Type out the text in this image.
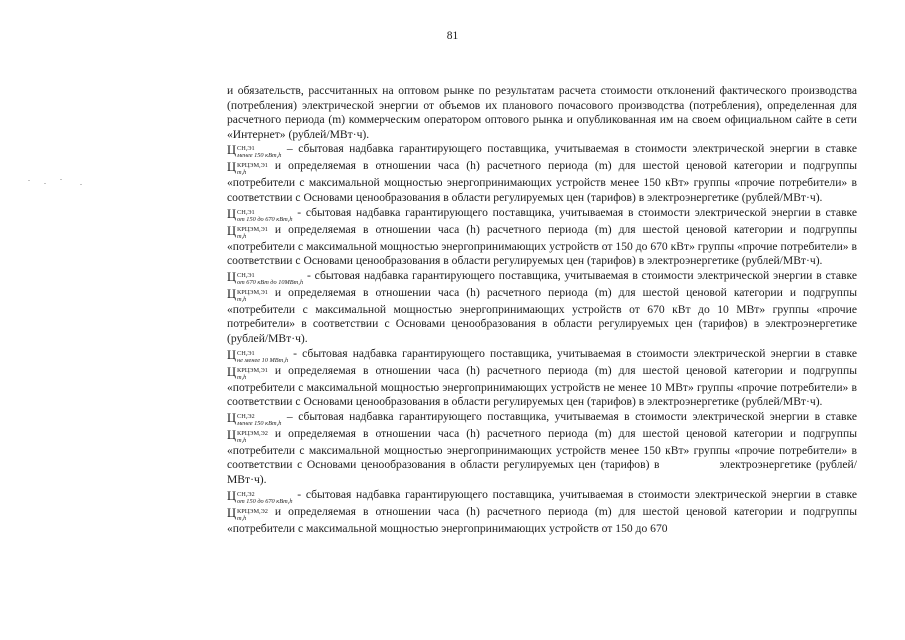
81

и обязательств, рассчитанных на оптовом рынке по результатам расчета стоимости отклонений фактического производства (потребления) электрической энергии от объемов их планового почасового производства (потребления), определенная для расчетного периода (m) коммерческим оператором оптового рынка и опубликованная им на своем официальном сайте в сети «Интернет» (рублей/МВт·ч).

Ц СН,Э1
менее 150 кВт,h
– сбытовая надбавка гарантирующего поставщика, учитываемая в стоимости электрической энергии в ставке Ц КРЦЭМ,Э1
m,h
и определяемая в отношении часа (h) расчетного периода (m) для шестой ценовой категории и подгруппы «потребители с максимальной мощностью энергопринимающих устройств менее 150 кВт» группы «прочие потребители» в соответствии с Основами ценообразования в области регулируемых цен (тарифов) в электроэнергетике (рублей/МВт·ч).

Ц СН,Э1
от 150 до 670 кВт,h
- сбытовая надбавка гарантирующего поставщика, учитываемая в стоимости электрической энергии в ставке Ц КРЦЭМ,Э1
m,h
и определяемая в отношении часа (h) расчетного периода (m) для шестой ценовой категории и подгруппы «потребители с максимальной мощностью энергопринимающих устройств от 150 до 670 кВт» группы «прочие потребители» в соответствии с Основами ценообразования в области регулируемых цен (тарифов) в электроэнергетике (рублей/МВт·ч).

Ц СН,Э1
от 670 кВт до 10МВт,h
- сбытовая надбавка гарантирующего поставщика, учитываемая в стоимости электрической энергии в ставке Ц КРЦЭМ,Э1
m,h
и определяемая в отношении часа (h) расчетного периода (m) для шестой ценовой категории и подгруппы «потребители с максимальной мощностью энергопринимающих устройств от 670 кВт до 10 МВт» группы «прочие потребители» в соответствии с Основами ценообразования в области регулируемых цен (тарифов) в электроэнергетике (рублей/МВт·ч).

Ц СН,Э1
не менее 10 МВт,h
- сбытовая надбавка гарантирующего поставщика, учитываемая в стоимости электрической энергии в ставке Ц КРЦЭМ,Э1
m,h
и определяемая в отношении часа (h) расчетного периода (m) для шестой ценовой категории и подгруппы «потребители с максимальной мощностью энергопринимающих устройств не менее 10 МВт» группы «прочие потребители» в соответствии с Основами ценообразования в области регулируемых цен (тарифов) в электроэнергетике (рублей/МВт·ч).

Ц СН,Э2
менее 150 кВт,h
– сбытовая надбавка гарантирующего поставщика, учитываемая в стоимости электрической энергии в ставке Ц КРЦЭМ,Э2
m,h
и определяемая в отношении часа (h) расчетного периода (m) для шестой ценовой категории и подгруппы «потребители с максимальной мощностью энергопринимающих устройств менее 150 кВт» группы «прочие потребители» в соответствии с Основами ценообразования в области регулируемых цен (тарифов) в	электроэнергетике (рублей/МВт·ч).

Ц СН,Э2
от 150 до 670 кВт,h
- сбытовая надбавка гарантирующего поставщика, учитываемая в стоимости электрической энергии в ставке Ц КРЦЭМ,Э2
m,h
и определяемая в отношении часа (h) расчетного периода (m) для шестой ценовой категории и подгруппы «потребители с максимальной мощностью энергопринимающих устройств от 150 до 670
